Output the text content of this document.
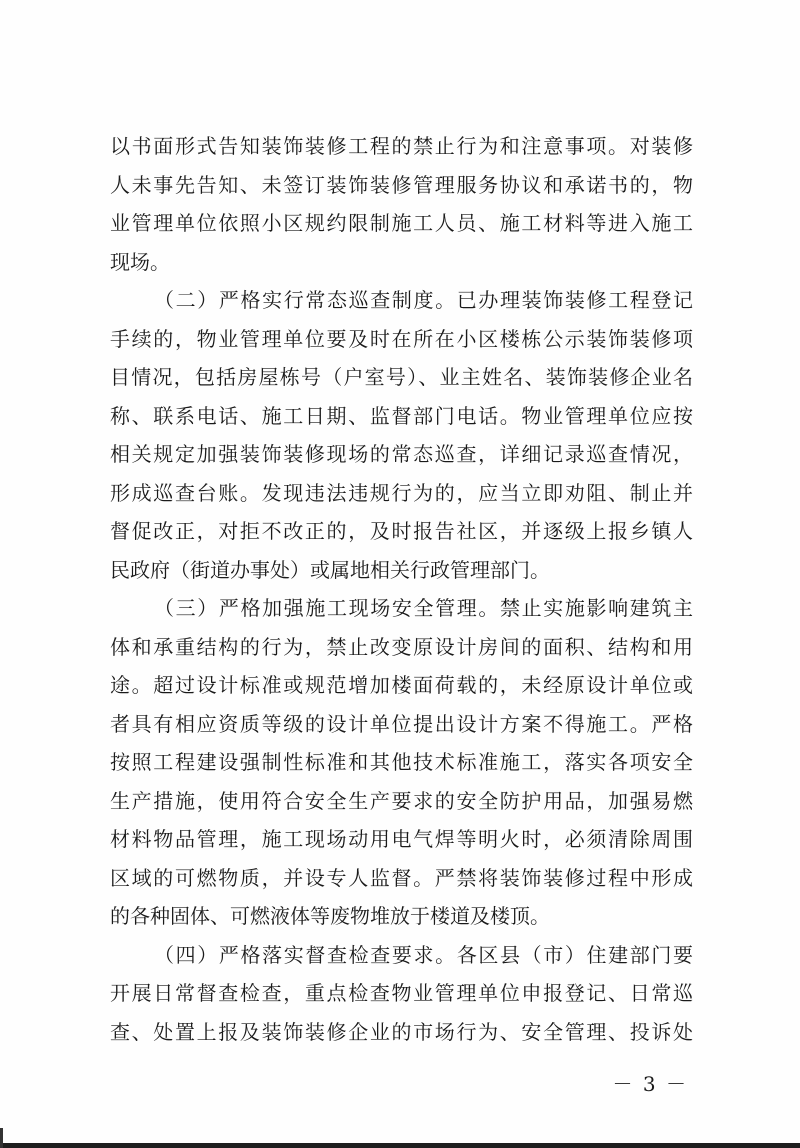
以书面形式告知装饰装修工程的禁止行为和注意事项。对装修
人未事先告知、未签订装饰装修管理服务协议和承诺书的，物
业管理单位依照小区规约限制施工人员、施工材料等进入施工
现场。
（二）严格实行常态巡查制度。已办理装饰装修工程登记
手续的，物业管理单位要及时在所在小区楼栋公示装饰装修项
目情况，包括房屋栋号（户室号）、业主姓名、装饰装修企业名
称、联系电话、施工日期、监督部门电话。物业管理单位应按
相关规定加强装饰装修现场的常态巡查，详细记录巡查情况，
形成巡查台账。发现违法违规行为的，应当立即劝阻、制止并
督促改正，对拒不改正的，及时报告社区，并逐级上报乡镇人
民政府（街道办事处）或属地相关行政管理部门。
（三）严格加强施工现场安全管理。禁止实施影响建筑主
体和承重结构的行为，禁止改变原设计房间的面积、结构和用
途。超过设计标准或规范增加楼面荷载的，未经原设计单位或
者具有相应资质等级的设计单位提出设计方案不得施工。严格
按照工程建设强制性标准和其他技术标准施工，落实各项安全
生产措施，使用符合安全生产要求的安全防护用品，加强易燃
材料物品管理，施工现场动用电气焊等明火时，必须清除周围
区域的可燃物质，并设专人监督。严禁将装饰装修过程中形成
的各种固体、可燃液体等废物堆放于楼道及楼顶。
（四）严格落实督查检查要求。各区县（市）住建部门要
开展日常督查检查，重点检查物业管理单位申报登记、日常巡
查、处置上报及装饰装修企业的市场行为、安全管理、投诉处
－ 3 －
